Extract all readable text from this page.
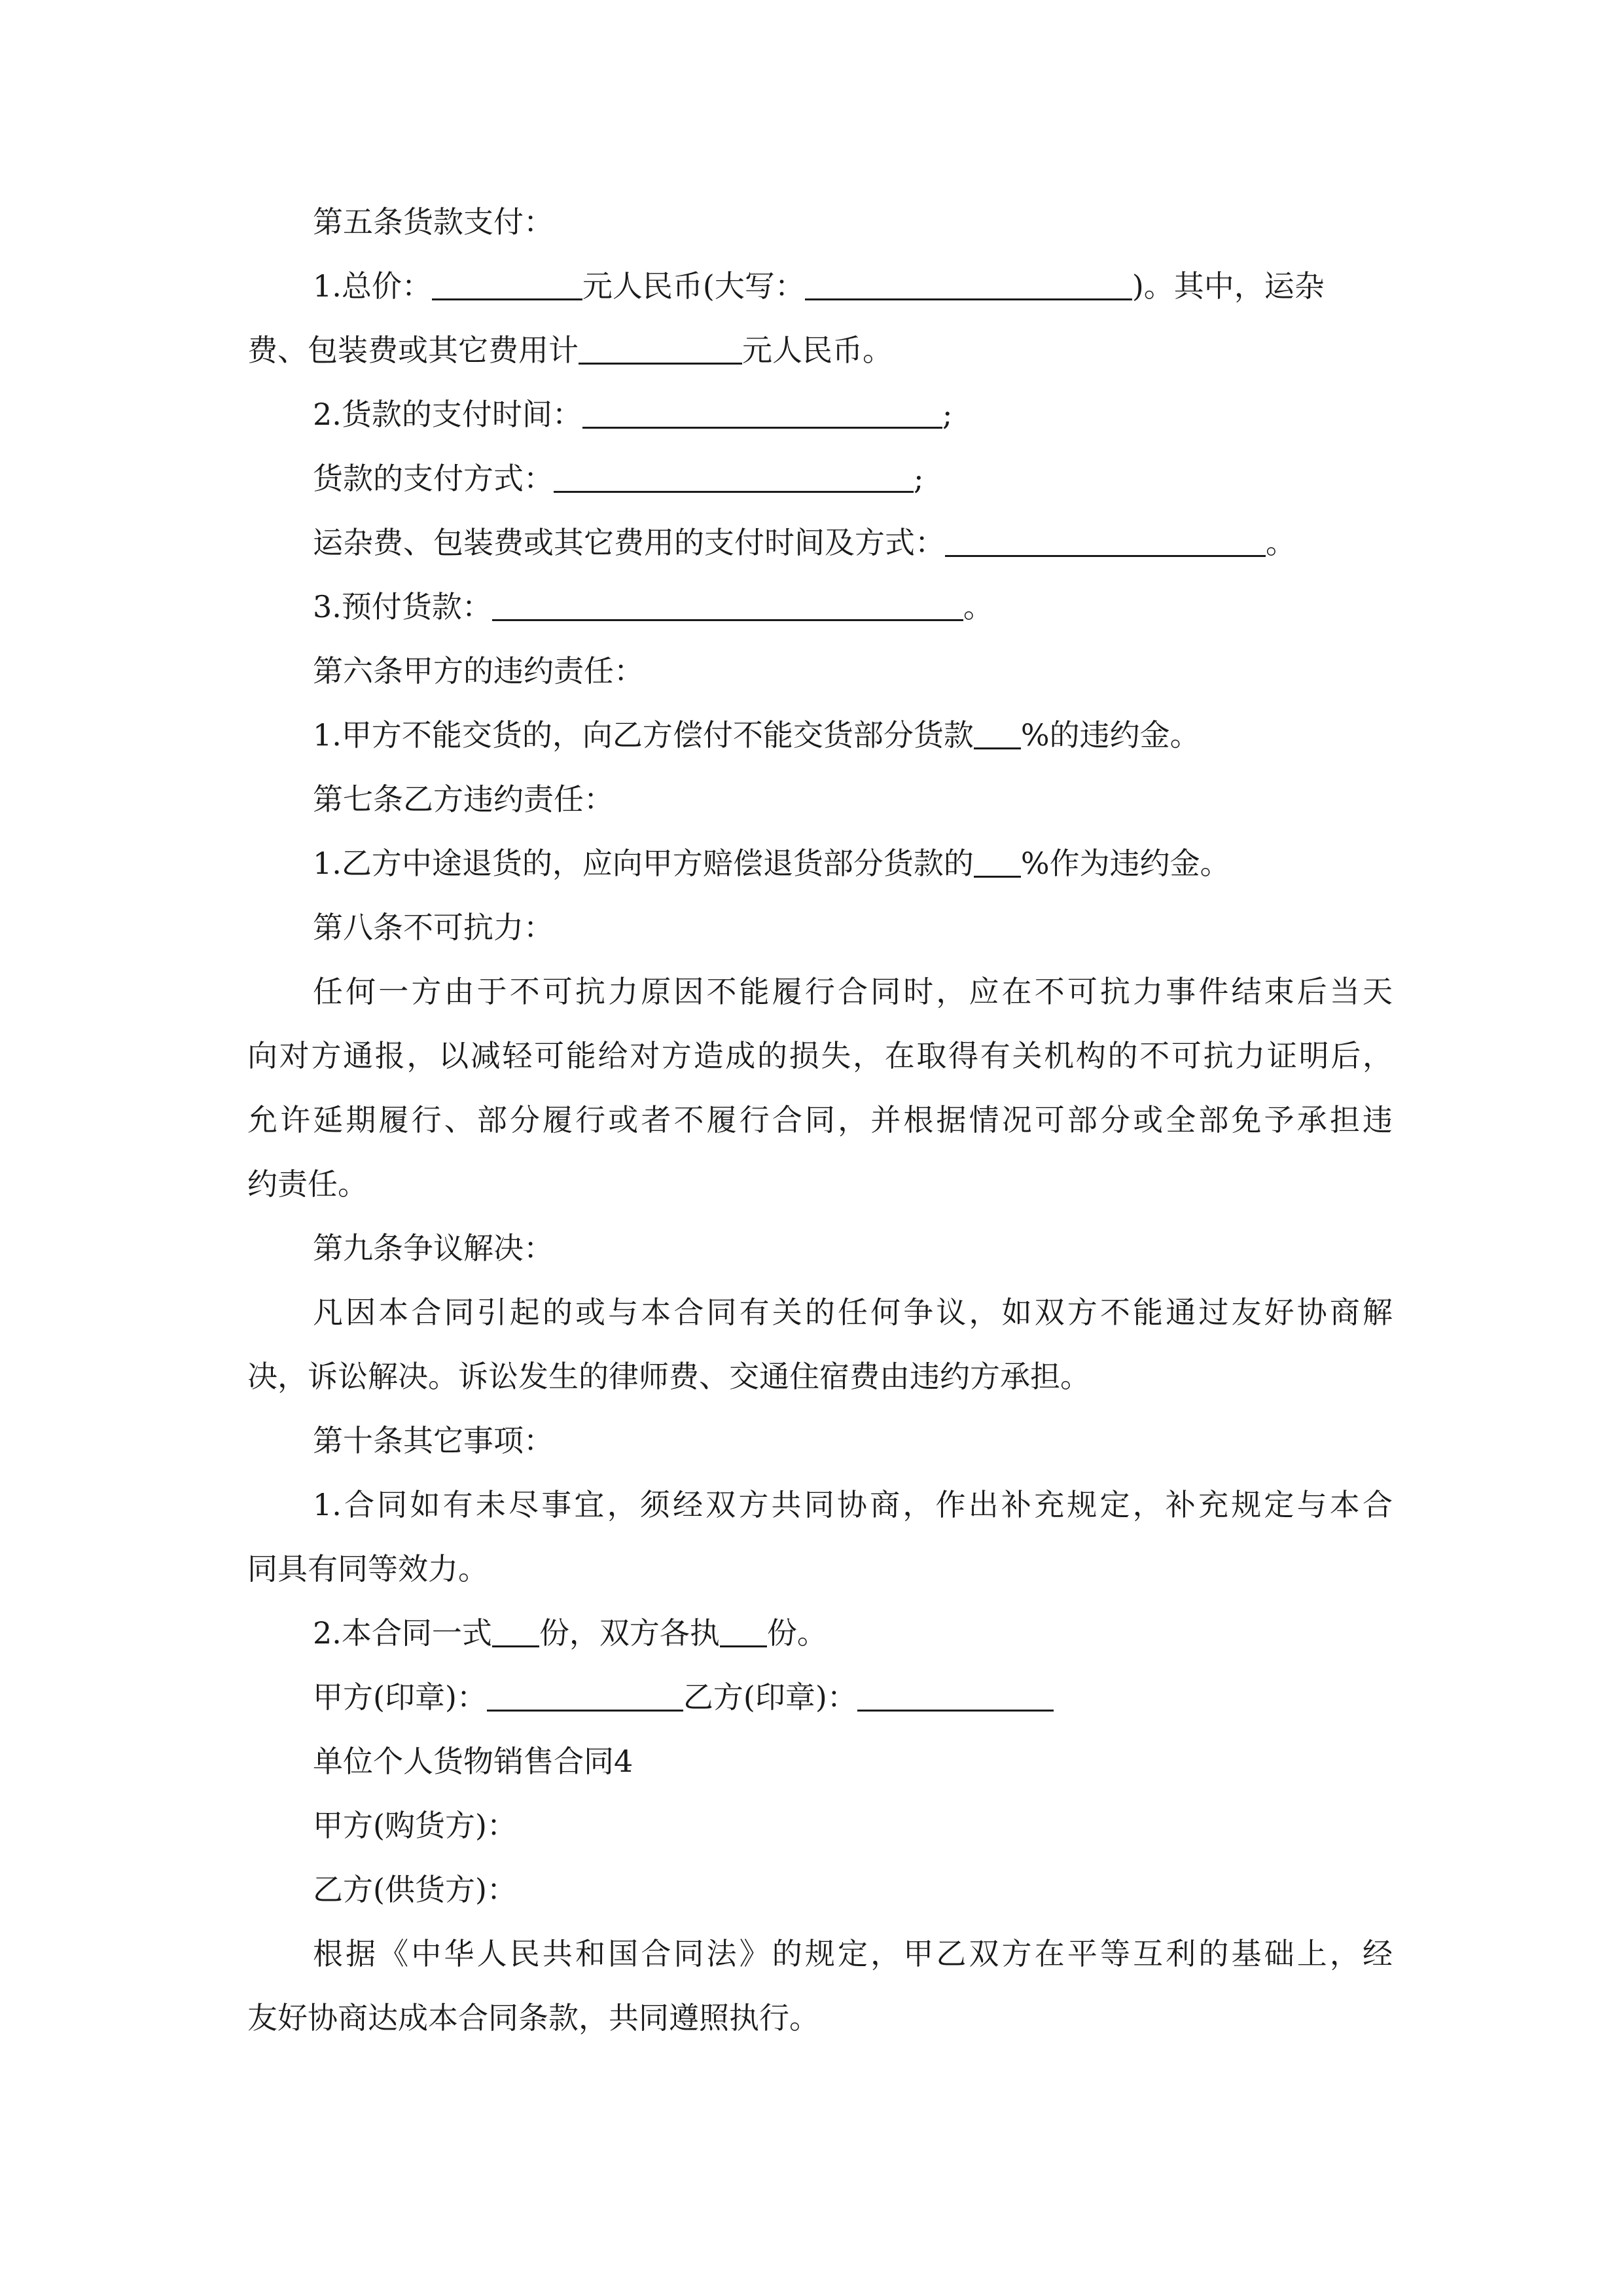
第五条货款支付：
1.总价：	元人民币(大写：	)。其中，运杂
费、包装费或其它费用计	元人民币。
2.货款的支付时间：	;
货款的支付方式：	;
运杂费、包装费或其它费用的支付时间及方式：	。
3.预付货款：	。
第六条甲方的违约责任：
1.甲方不能交货的，向乙方偿付不能交货部分货款 %的违约金。
第七条乙方违约责任：
1.乙方中途退货的，应向甲方赔偿退货部分货款的 %作为违约金。
第八条不可抗力：
任何一方由于不可抗力原因不能履行合同时，应在不可抗力事件结束后当天
向对方通报，以减轻可能给对方造成的损失，在取得有关机构的不可抗力证明后，
允许延期履行、部分履行或者不履行合同，并根据情况可部分或全部免予承担违
约责任。
第九条争议解决：
凡因本合同引起的或与本合同有关的任何争议，如双方不能通过友好协商解
决，诉讼解决。诉讼发生的律师费、交通住宿费由违约方承担。
第十条其它事项：
1.合同如有未尽事宜，须经双方共同协商，作出补充规定，补充规定与本合
同具有同等效力。
2.本合同一式 份，双方各执 份。
甲方(印章)：	乙方(印章)：
单位个人货物销售合同4
甲方(购货方)：
乙方(供货方)：
根据《中华人民共和国合同法》的规定，甲乙双方在平等互利的基础上，经
友好协商达成本合同条款，共同遵照执行。
